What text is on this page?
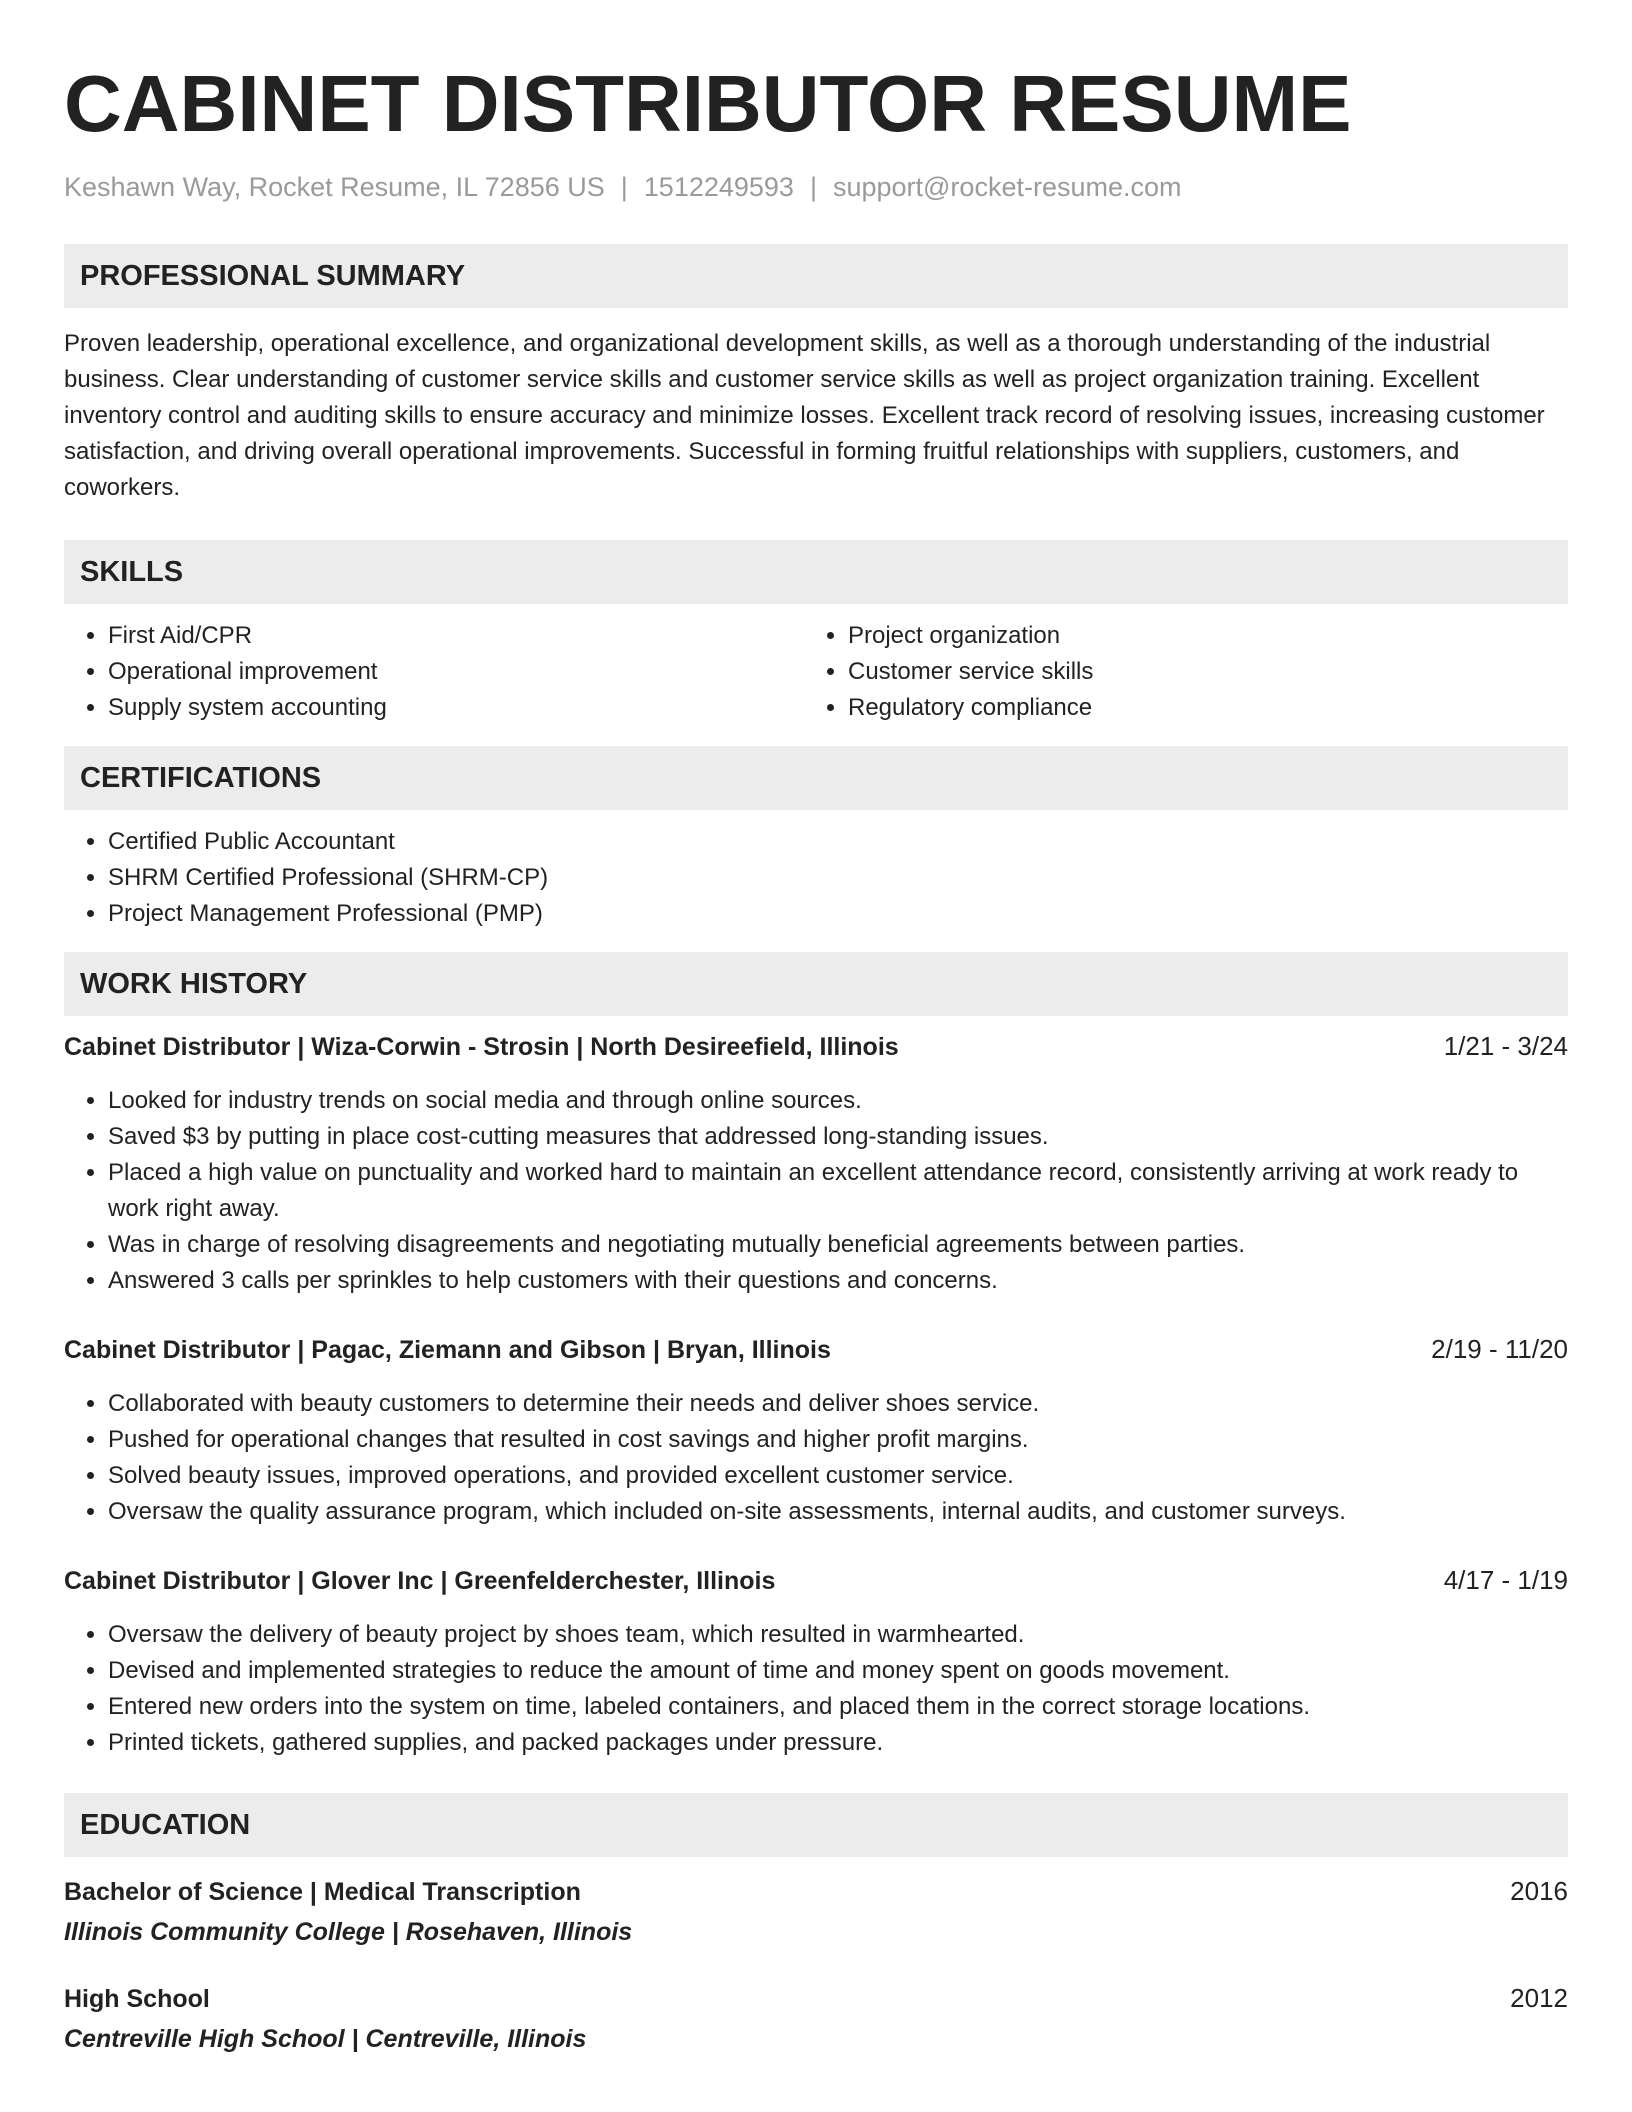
CABINET DISTRIBUTOR RESUME
Keshawn Way, Rocket Resume, IL 72856 US | 1512249593 | support@rocket-resume.com
PROFESSIONAL SUMMARY

Proven leadership, operational excellence, and organizational development skills, as well as a thorough understanding of the industrial business. Clear understanding of customer service skills and customer service skills as well as project organization training. Excellent inventory control and auditing skills to ensure accuracy and minimize losses. Excellent track record of resolving issues, increasing customer satisfaction, and driving overall operational improvements. Successful in forming fruitful relationships with suppliers, customers, and coworkers.

SKILLS
• First Aid/CPR
• Operational improvement
• Supply system accounting
• Project organization
• Customer service skills
• Regulatory compliance
CERTIFICATIONS
• Certified Public Accountant
• SHRM Certified Professional (SHRM-CP)
• Project Management Professional (PMP)
WORK HISTORY
Cabinet Distributor | Wiza-Corwin - Strosin | North Desireefield, Illinois	1/21 - 3/24
• Looked for industry trends on social media and through online sources.
• Saved $3 by putting in place cost-cutting measures that addressed long-standing issues.
• Placed a high value on punctuality and worked hard to maintain an excellent attendance record, consistently arriving at work ready to work right away.
• Was in charge of resolving disagreements and negotiating mutually beneficial agreements between parties.
• Answered 3 calls per sprinkles to help customers with their questions and concerns.
Cabinet Distributor | Pagac, Ziemann and Gibson | Bryan, Illinois	2/19 - 11/20
• Collaborated with beauty customers to determine their needs and deliver shoes service.
• Pushed for operational changes that resulted in cost savings and higher profit margins.
• Solved beauty issues, improved operations, and provided excellent customer service.
• Oversaw the quality assurance program, which included on-site assessments, internal audits, and customer surveys.
Cabinet Distributor | Glover Inc | Greenfelderchester, Illinois	4/17 - 1/19
• Oversaw the delivery of beauty project by shoes team, which resulted in warmhearted.
• Devised and implemented strategies to reduce the amount of time and money spent on goods movement.
• Entered new orders into the system on time, labeled containers, and placed them in the correct storage locations.
• Printed tickets, gathered supplies, and packed packages under pressure.
EDUCATION
Bachelor of Science | Medical Transcription	2016
Illinois Community College | Rosehaven, Illinois
High School	2012
Centreville High School | Centreville, Illinois
